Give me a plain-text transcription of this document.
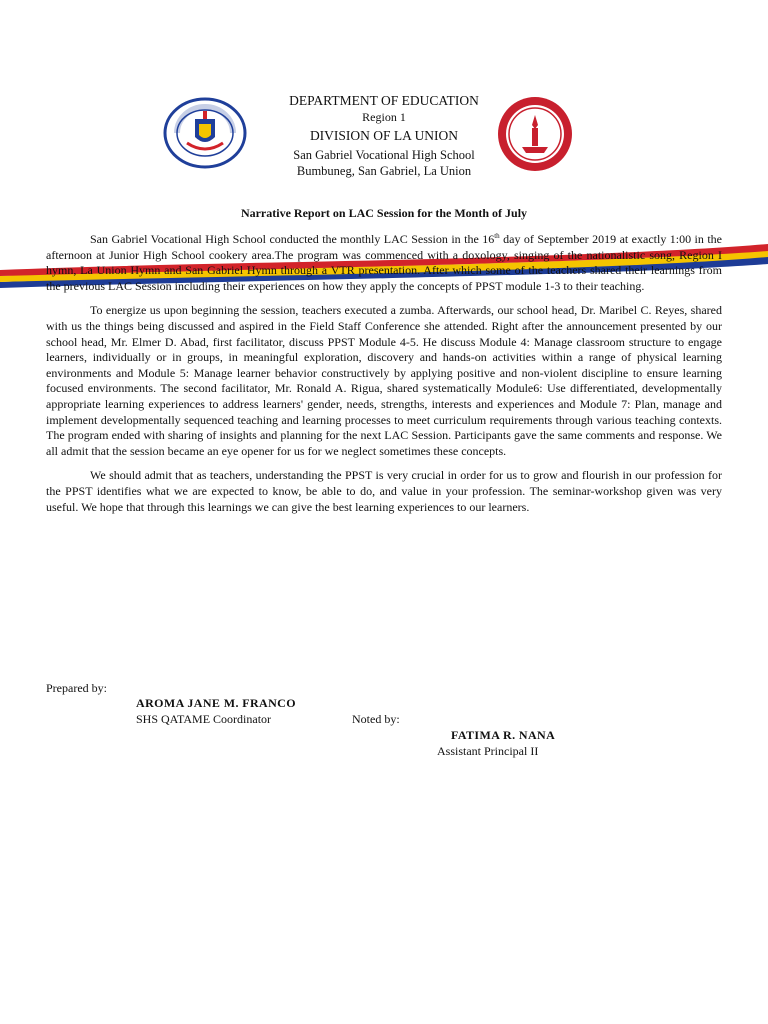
DEPARTMENT OF EDUCATION
Region 1
DIVISION OF LA UNION
San Gabriel Vocational High School
Bumbuneg, San Gabriel, La Union
Narrative Report on LAC Session for the Month of July

San Gabriel Vocational High School conducted the monthly LAC Session in the 16th day of September 2019 at exactly 1:00 in the afternoon at Junior High School cookery area.The program was commenced with a doxology, singing of the nationalistic song, Region I hymn, La Union Hymn and San Gabriel Hymn through a VTR presentation. After which some of the teachers shared their learnings from the previous LAC Session including their experiences on how they apply the concepts of PPST module 1-3 to their teaching.

To energize us upon beginning the session, teachers executed a zumba. Afterwards, our school head, Dr. Maribel C. Reyes, shared with us the things being discussed and aspired in the Field Staff Conference she attended. Right after the announcement presented by our school head, Mr. Elmer D. Abad, first facilitator, discuss PPST Module 4-5. He discuss Module 4: Manage classroom structure to engage learners, individually or in groups, in meaningful exploration, discovery and hands-on activities within a range of physical learning environments and Module 5: Manage learner behavior constructively by applying positive and non-violent discipline to ensure learning focused environments. The second facilitator, Mr. Ronald A. Rigua, shared systematically Module6: Use differentiated, developmentally appropriate learning experiences to address learners' gender, needs, strengths, interests and experiences and Module 7: Plan, manage and implement developmentally sequenced teaching and learning processes to meet curriculum requirements through various teaching contexts. The program ended with sharing of insights and planning for the next LAC Session. Participants gave the same comments and response. We all admit that the session became an eye opener for us for we neglect sometimes these concepts.

We should admit that as teachers, understanding the PPST is very crucial in order for us to grow and flourish in our profession for the PPST identifies what we are expected to know, be able to do, and value in your profession. The seminar-workshop given was very useful. We hope that through this learnings we can give the best learning experiences to our learners.

Prepared by:
AROMA JANE M. FRANCO
SHS QATAME Coordinator	Noted by:
FATIMA R. NANA
Assistant Principal II
